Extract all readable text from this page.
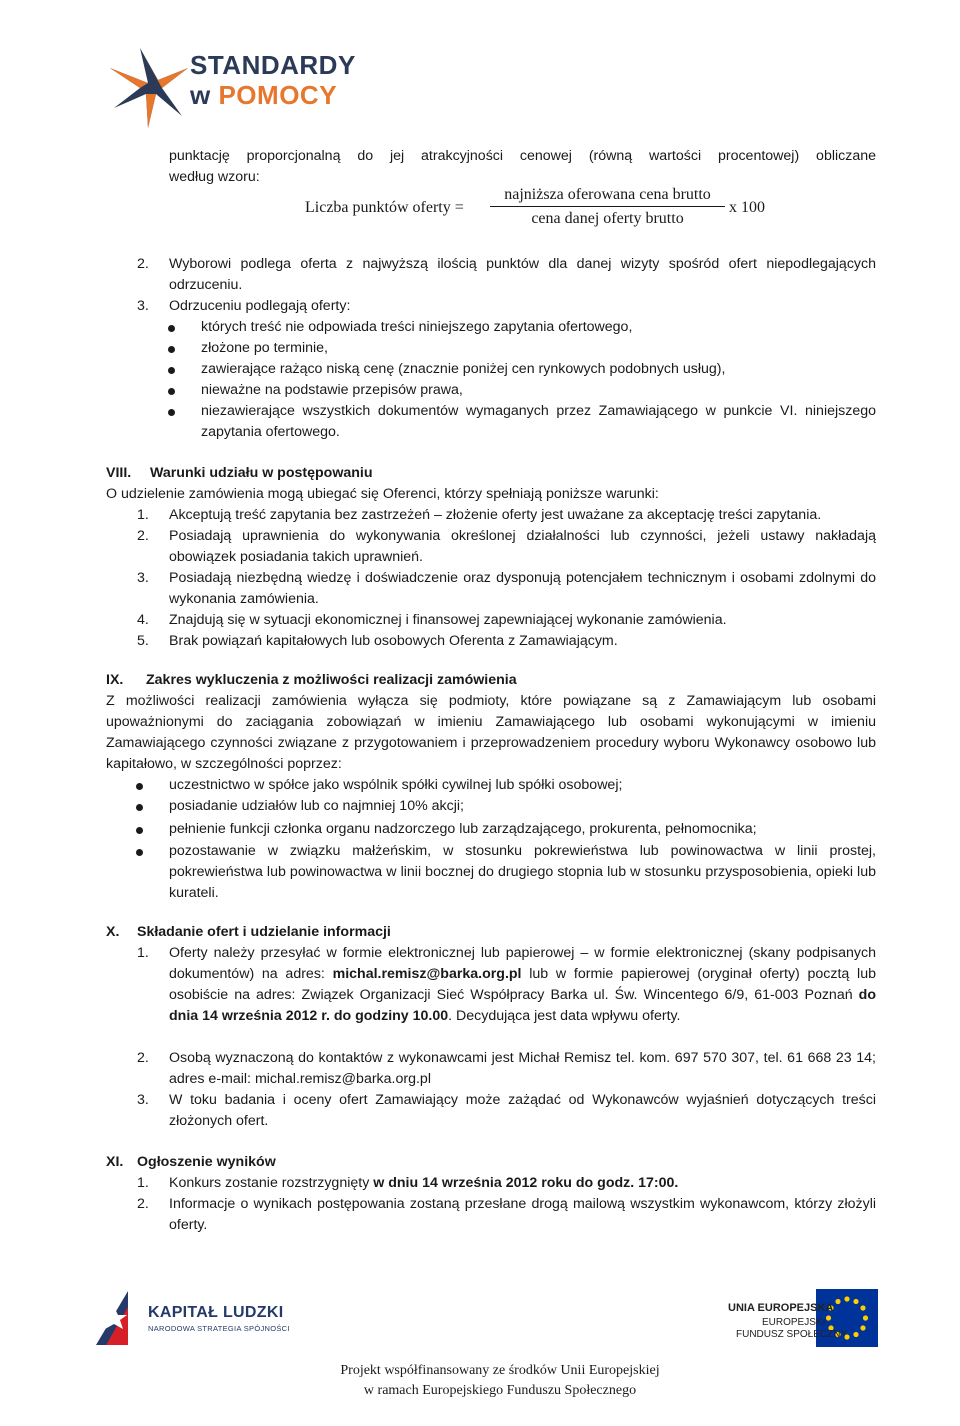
STANDARDY
w POMOCY
punktację proporcjonalną do jej atrakcyjności cenowej (równą wartości procentowej) obliczane
według wzoru:
Liczba punktów oferty =
najniższa oferowana cena brutto
cena danej oferty brutto
x 100
2. Wyborowi podlega oferta z najwyższą ilością punktów dla danej wizyty spośród ofert niepodlegających odrzuceniu.
3. Odrzuceniu podlegają oferty:
których treść nie odpowiada treści niniejszego zapytania ofertowego,
złożone po terminie,
zawierające rażąco niską cenę (znacznie poniżej cen rynkowych podobnych usług),
nieważne na podstawie przepisów prawa,
niezawierające wszystkich dokumentów wymaganych przez Zamawiającego w punkcie VI. niniejszego zapytania ofertowego.
VIII. Warunki udziału w postępowaniu
O udzielenie zamówienia mogą ubiegać się Oferenci, którzy spełniają poniższe warunki:
1. Akceptują treść zapytania bez zastrzeżeń – złożenie oferty jest uważane za akceptację treści zapytania.
2. Posiadają uprawnienia do wykonywania określonej działalności lub czynności, jeżeli ustawy nakładają obowiązek posiadania takich uprawnień.
3. Posiadają niezbędną wiedzę i doświadczenie oraz dysponują potencjałem technicznym i osobami zdolnymi do wykonania zamówienia.
4. Znajdują się w sytuacji ekonomicznej i finansowej zapewniającej wykonanie zamówienia.
5. Brak powiązań kapitałowych lub osobowych Oferenta z Zamawiającym.
IX. Zakres wykluczenia z możliwości realizacji zamówienia
Z możliwości realizacji zamówienia wyłącza się podmioty, które powiązane są z Zamawiającym lub osobami upoważnionymi do zaciągania zobowiązań w imieniu Zamawiającego lub osobami wykonującymi w imieniu Zamawiającego czynności związane z przygotowaniem i przeprowadzeniem procedury wyboru Wykonawcy osobowo lub kapitałowo, w szczególności poprzez:
uczestnictwo w spółce jako wspólnik spółki cywilnej lub spółki osobowej;
posiadanie udziałów lub co najmniej 10% akcji;
pełnienie funkcji członka organu nadzorczego lub zarządzającego, prokurenta, pełnomocnika;
pozostawanie w związku małżeńskim, w stosunku pokrewieństwa lub powinowactwa w linii prostej, pokrewieństwa lub powinowactwa w linii bocznej do drugiego stopnia lub w stosunku przysposobienia, opieki lub kurateli.
X. Składanie ofert i udzielanie informacji
1. Oferty należy przesyłać w formie elektronicznej lub papierowej – w formie elektronicznej (skany podpisanych dokumentów) na adres: michal.remisz@barka.org.pl lub w formie papierowej (oryginał oferty) pocztą lub osobiście na adres: Związek Organizacji Sieć Współpracy Barka ul. Św. Wincentego 6/9, 61-003 Poznań do dnia 14 września 2012 r. do godziny 10.00. Decydująca jest data wpływu oferty.
2. Osobą wyznaczoną do kontaktów z wykonawcami jest Michał Remisz tel. kom. 697 570 307, tel. 61 668 23 14; adres e-mail: michal.remisz@barka.org.pl
3. W toku badania i oceny ofert Zamawiający może zażądać od Wykonawców wyjaśnień dotyczących treści złożonych ofert.
XI. Ogłoszenie wyników
1. Konkurs zostanie rozstrzygnięty w dniu 14 września 2012 roku do godz. 17:00.
2. Informacje o wynikach postępowania zostaną przesłane drogą mailową wszystkim wykonawcom, którzy złożyli oferty.
KAPITAŁ LUDZKI
NARODOWA STRATEGIA SPÓJNOŚCI
UNIA EUROPEJSKA
EUROPEJSKI
FUNDUSZ SPOŁECZNY
Projekt współfinansowany ze środków Unii Europejskiej
w ramach Europejskiego Funduszu Społecznego
